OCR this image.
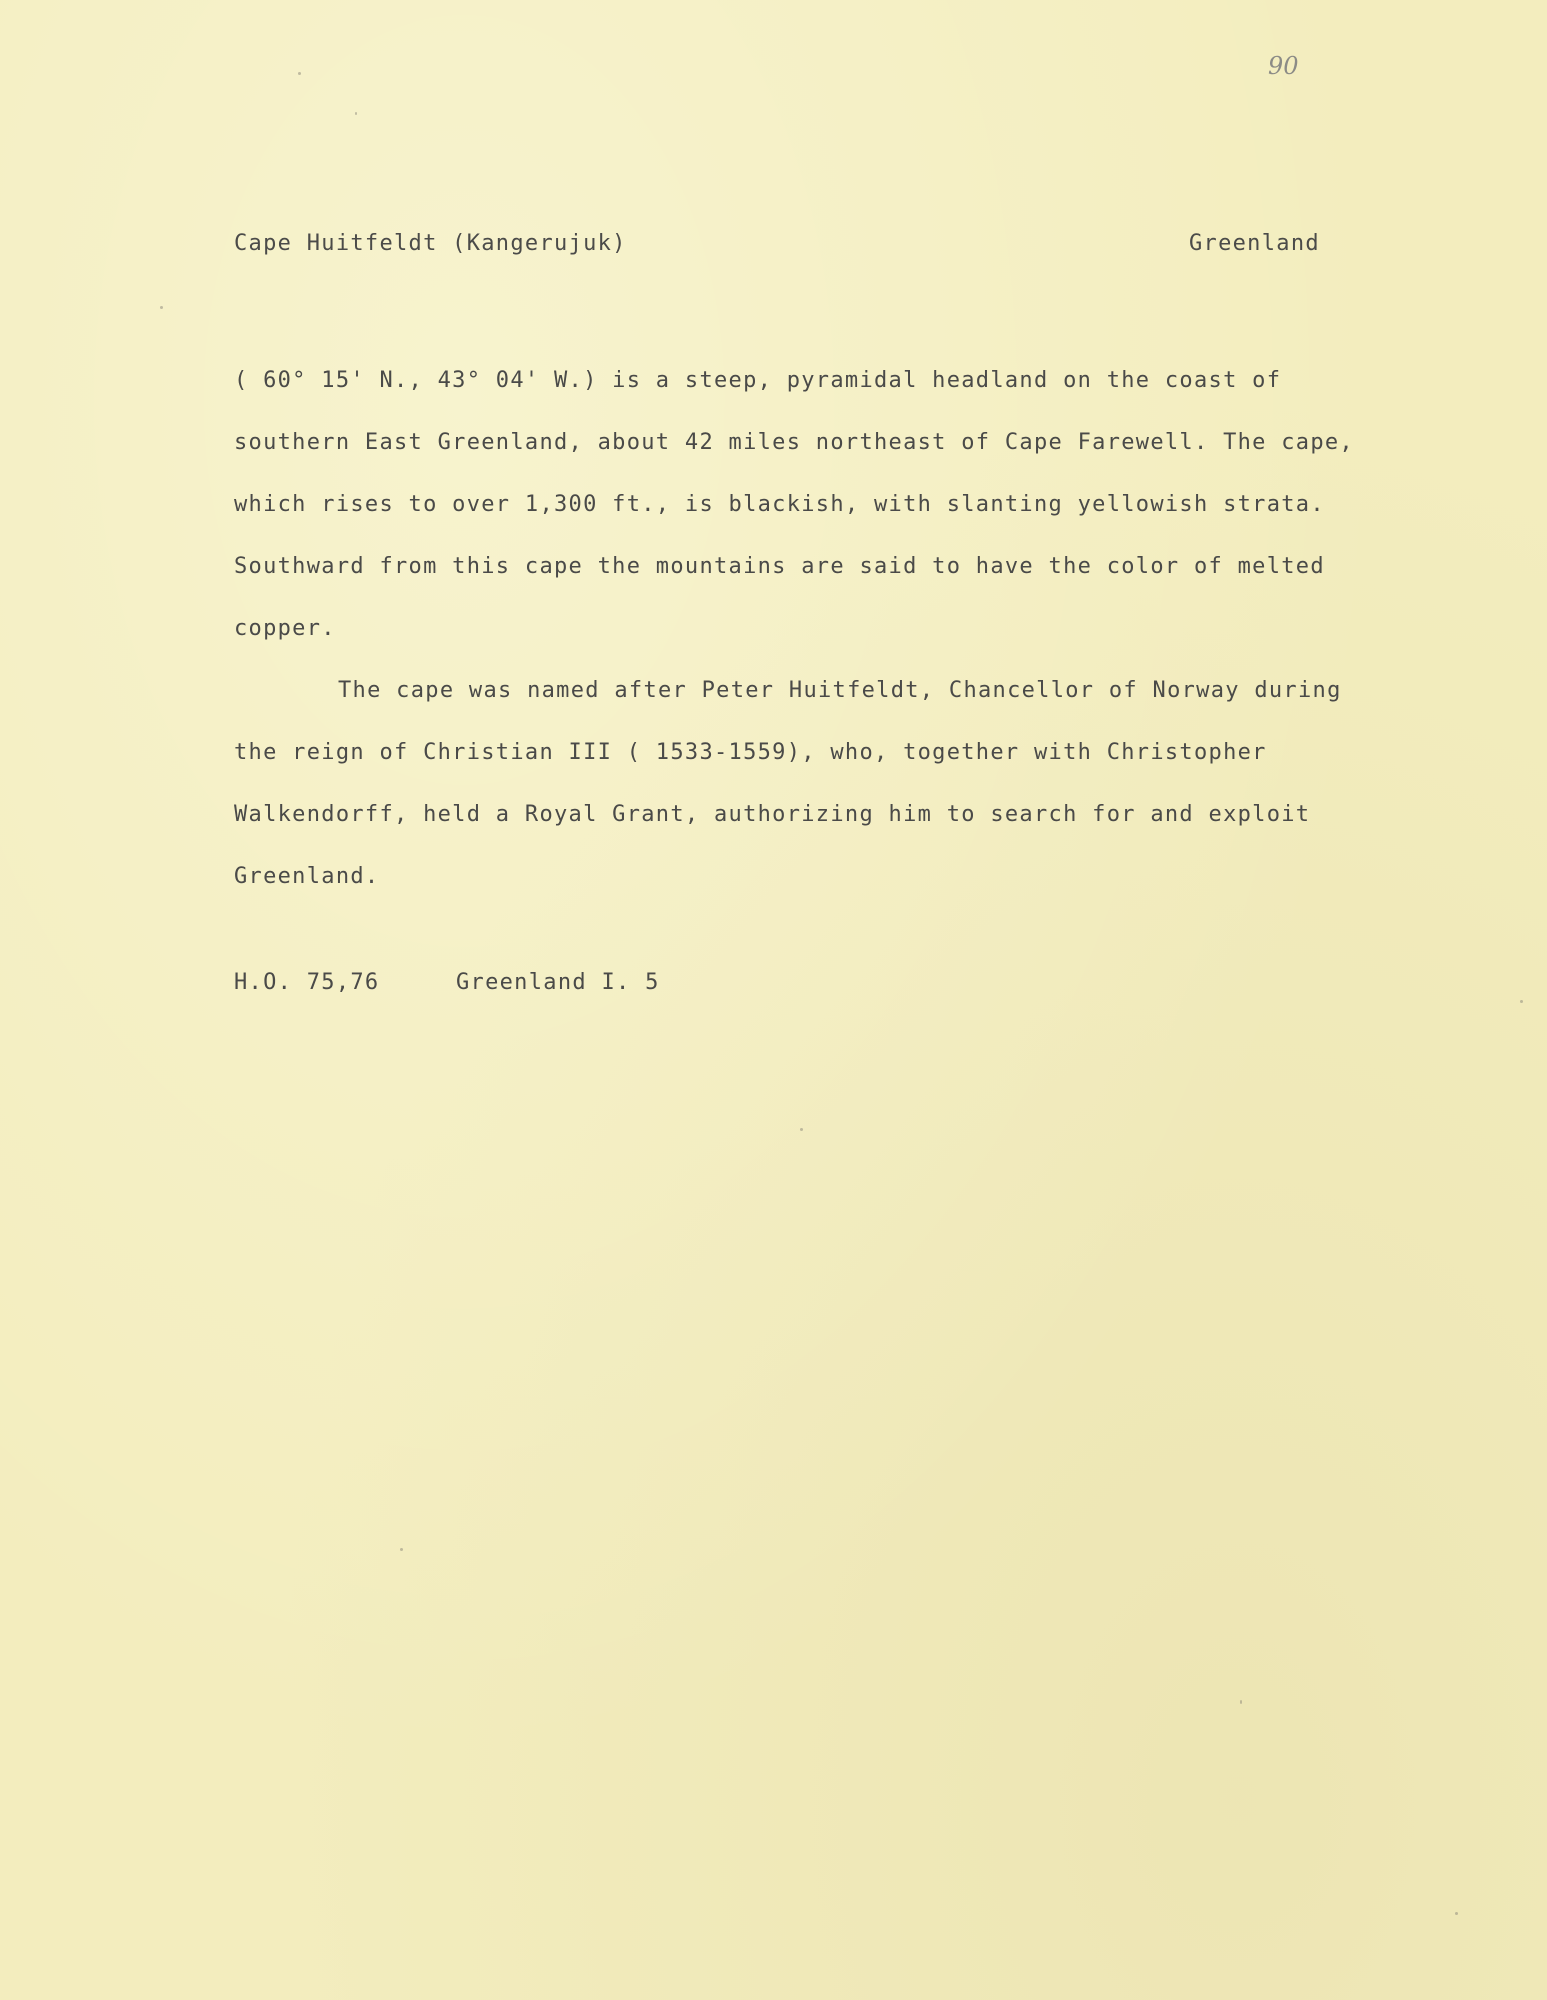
90
Cape Huitfeldt (Kangerujuk)	Greenland
( 60° 15' N., 43° 04' W.) is a steep, pyramidal headland on the coast of
southern East Greenland, about 42 miles northeast of Cape Farewell. The cape,
which rises to over 1,300 ft., is blackish, with slanting yellowish strata.
Southward from this cape the mountains are said to have the color of melted
copper.
The cape was named after Peter Huitfeldt, Chancellor of Norway during
the reign of Christian III ( 1533-1559), who, together with Christopher
Walkendorff, held a Royal Grant, authorizing him to search for and exploit
Greenland.
H.O. 75,76	Greenland I. 5
